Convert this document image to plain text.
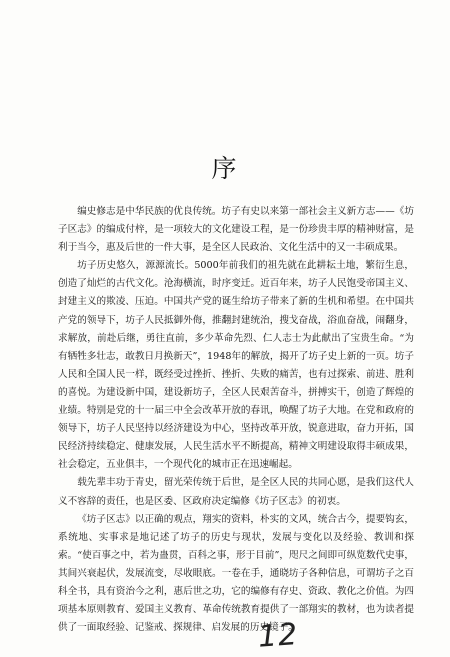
序

编史修志是中华民族的优良传统。坊子有史以来第一部社会主义新方志——《坊子区志》的编成付梓，是一项较大的文化建设工程，是一份珍贵丰厚的精神财富，是利于当今，惠及后世的一件大事，是全区人民政治、文化生活中的又一丰硕成果。

坊子历史悠久，源源流长。5000年前我们的祖先就在此耕耘土地，繁衍生息，创造了灿烂的古代文化。沧海横流，时序变迁。近百年来，坊子人民饱受帝国主义、封建主义的欺凌、压迫。中国共产党的诞生给坊子带来了新的生机和希望。在中国共产党的领导下，坊子人民抵御外侮，推翻封建统治，搜戈奋战，浴血奋战，闹翻身，求解放，前赴后继，勇往直前，多少革命先烈、仁人志士为此献出了宝贵生命。“为有牺牲多壮志，敢教日月换新天”，1948年的解放，揭开了坊子史上新的一页。坊子人民和全国人民一样，既经受过挫折、挫折、失败的痛苦，也有过探索、前进、胜利的喜悦。为建设新中国，建设新坊子，全区人民艰苦奋斗，拼搏实干，创造了辉煌的业绩。特别是党的十一届三中全会改革开放的春讯，唤醒了坊子大地。在党和政府的领导下，坊子人民坚持以经济建设为中心，坚持改革开放，锐意进取，奋力开拓，国民经济持续稳定、健康发展，人民生活水平不断提高，精神文明建设取得丰硕成果，社会稳定，五业俱丰，一个现代化的城市正在迅速崛起。

载先辈丰功于青史，留光荣传统于后世，是全区人民的共同心愿，是我们这代人义不容辞的责任，也是区委、区政府决定编修《坊子区志》的初衷。

《坊子区志》以正确的观点，翔实的资料，朴实的文风，统合古今，提要钩玄，系统地、实事求是地记述了坊子的历史与现状，发展与变化以及经验、教训和探索。“使百事之中，若为蛊贯，百科之事，形于目前”，咫尺之间即可纵览数代史事，其间兴衰起伏，发展流变，尽收眼底。一卷在手，通晓坊子各种信息，可谓坊子之百科全书，具有资治今之利，惠后世之功，它的编修有存史、资政、教化之价值。为四项基本原则教育、爱国主义教育、革命传统教育提供了一部翔实的教材，也为读者提供了一面取经验、记鉴戒、探规律、启发展的历史镜子。

12
